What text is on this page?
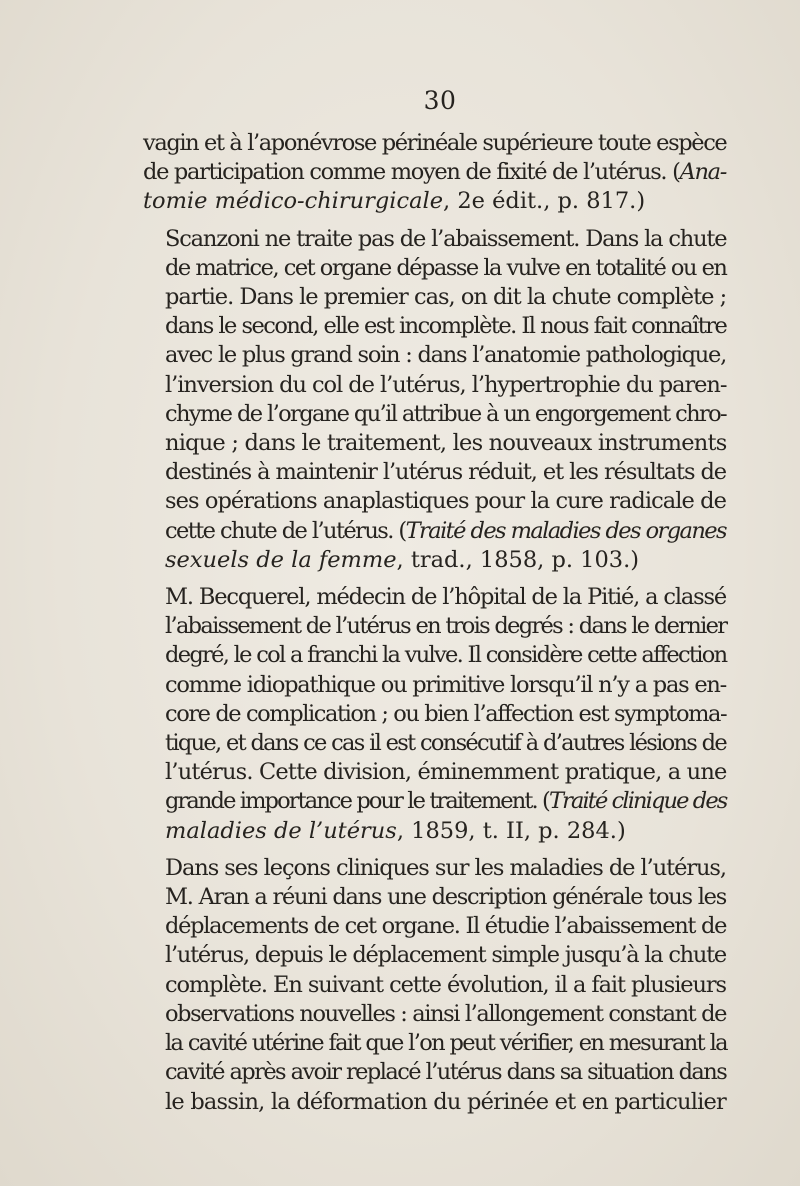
30
vagin et à l’aponévrose périnéale supérieure toute espèce
de participation comme moyen de fixité de l’utérus. (Ana-
tomie médico-chirurgicale, 2e édit., p. 817.)
Scanzoni ne traite pas de l’abaissement. Dans la chute
de matrice, cet organe dépasse la vulve en totalité ou en
partie. Dans le premier cas, on dit la chute complète ;
dans le second, elle est incomplète. Il nous fait connaître
avec le plus grand soin : dans l’anatomie pathologique,
l’inversion du col de l’utérus, l’hypertrophie du paren-
chyme de l’organe qu’il attribue à un engorgement chro-
nique ; dans le traitement, les nouveaux instruments
destinés à maintenir l’utérus réduit, et les résultats de
ses opérations anaplastiques pour la cure radicale de
cette chute de l’utérus. (Traité des maladies des organes
sexuels de la femme, trad., 1858, p. 103.)
M. Becquerel, médecin de l’hôpital de la Pitié, a classé
l’abaissement de l’utérus en trois degrés : dans le dernier
degré, le col a franchi la vulve. Il considère cette affection
comme idiopathique ou primitive lorsqu’il n’y a pas en-
core de complication ; ou bien l’affection est symptoma-
tique, et dans ce cas il est consécutif à d’autres lésions de
l’utérus. Cette division, éminemment pratique, a une
grande importance pour le traitement. (Traité clinique des
maladies de l’utérus, 1859, t. II, p. 284.)
Dans ses leçons cliniques sur les maladies de l’utérus,
M. Aran a réuni dans une description générale tous les
déplacements de cet organe. Il étudie l’abaissement de
l’utérus, depuis le déplacement simple jusqu’à la chute
complète. En suivant cette évolution, il a fait plusieurs
observations nouvelles : ainsi l’allongement constant de
la cavité utérine fait que l’on peut vérifier, en mesurant la
cavité après avoir replacé l’utérus dans sa situation dans
le bassin, la déformation du périnée et en particulier
